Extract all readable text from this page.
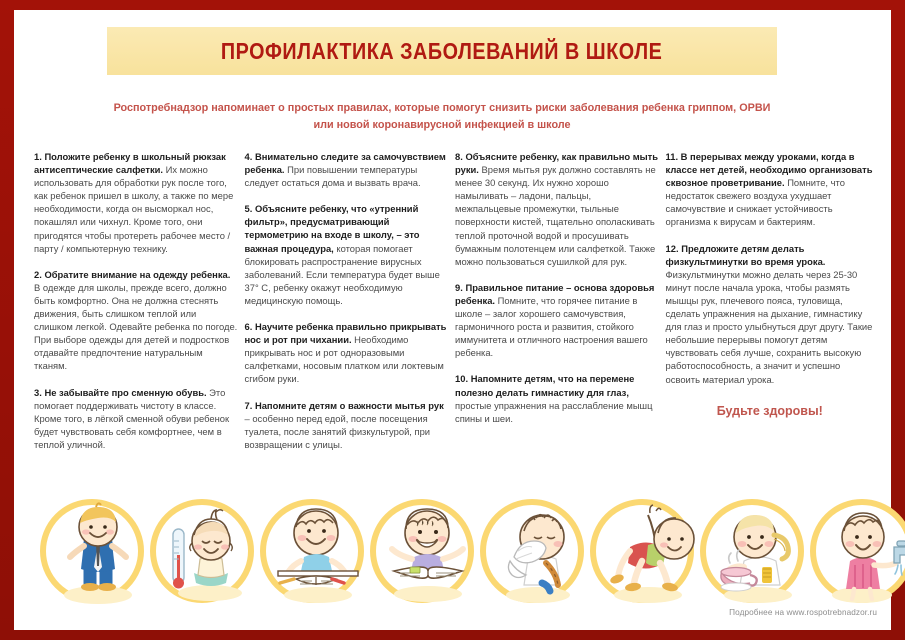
ПРОФИЛАКТИКА ЗАБОЛЕВАНИЙ В ШКОЛЕ
Роспотребнадзор напоминает о простых правилах, которые помогут снизить риски заболевания ребенка гриппом, ОРВИ или новой коронавирусной инфекцией в школе
1. Положите ребенку в школьный рюкзак антисептические салфетки. Их можно использовать для обработки рук после того, как ребенок пришел в школу, а также по мере необходимости, когда он высморкал нос, покашлял или чихнул. Кроме того, они пригодятся чтобы протереть рабочее место / парту / компьютерную технику.
2. Обратите внимание на одежду ребенка. В одежде для школы, прежде всего, должно быть комфортно. Она не должна стеснять движения, быть слишком теплой или слишком легкой. Одевайте ребенка по погоде. При выборе одежды для детей и подростков отдавайте предпочтение натуральным тканям.
3. Не забывайте про сменную обувь. Это помогает поддерживать чистоту в классе. Кроме того, в лёгкой сменной обуви ребенок будет чувствовать себя комфортнее, чем в теплой уличной.
4. Внимательно следите за самочувствием ребенка. При повышении температуры следует остаться дома и вызвать врача.
5. Объясните ребенку, что «утренний фильтр», предусматривающий термометрию на входе в школу, – это важная процедура, которая помогает блокировать распространение вирусных заболеваний. Если температура будет выше 37° С, ребенку окажут необходимую медицинскую помощь.
6. Научите ребенка правильно прикрывать нос и рот при чихании. Необходимо прикрывать нос и рот одноразовыми салфетками, носовым платком или локтевым сгибом руки.
7. Напомните детям о важности мытья рук – особенно перед едой, после посещения туалета, после занятий физкультурой, при возвращении с улицы.
8. Объясните ребенку, как правильно мыть руки. Время мытья рук должно составлять не менее 30 секунд. Их нужно хорошо намыливать – ладони, пальцы, межпальцевые промежутки, тыльные поверхности кистей, тщательно ополаскивать теплой проточной водой и просушивать бумажным полотенцем или салфеткой. Также можно пользоваться сушилкой для рук.
9. Правильное питание – основа здоровья ребенка. Помните, что горячее питание в школе – залог хорошего самочувствия, гармоничного роста и развития, стойкого иммунитета и отличного настроения вашего ребенка.
10. Напомните детям, что на перемене полезно делать гимнастику для глаз, простые упражнения на расслабление мышц спины и шеи.
11. В перерывах между уроками, когда в классе нет детей, необходимо организовать сквозное проветривание. Помните, что недостаток свежего воздуха ухудшает самочувствие и снижает устойчивость организма к вирусам и бактериям.
12. Предложите детям делать физкультминутки во время урока. Физкультминутки можно делать через 25-30 минут после начала урока, чтобы размять мышцы рук, плечевого пояса, туловища, сделать упражнения на дыхание, гимнастику для глаз и просто улыбнуться друг другу. Такие небольшие перерывы помогут детям чувствовать себя лучше, сохранить высокую работоспособность, а значит и успешно освоить материал урока.
Будьте здоровы!
Подробнее на www.rospotrebnadzor.ru
